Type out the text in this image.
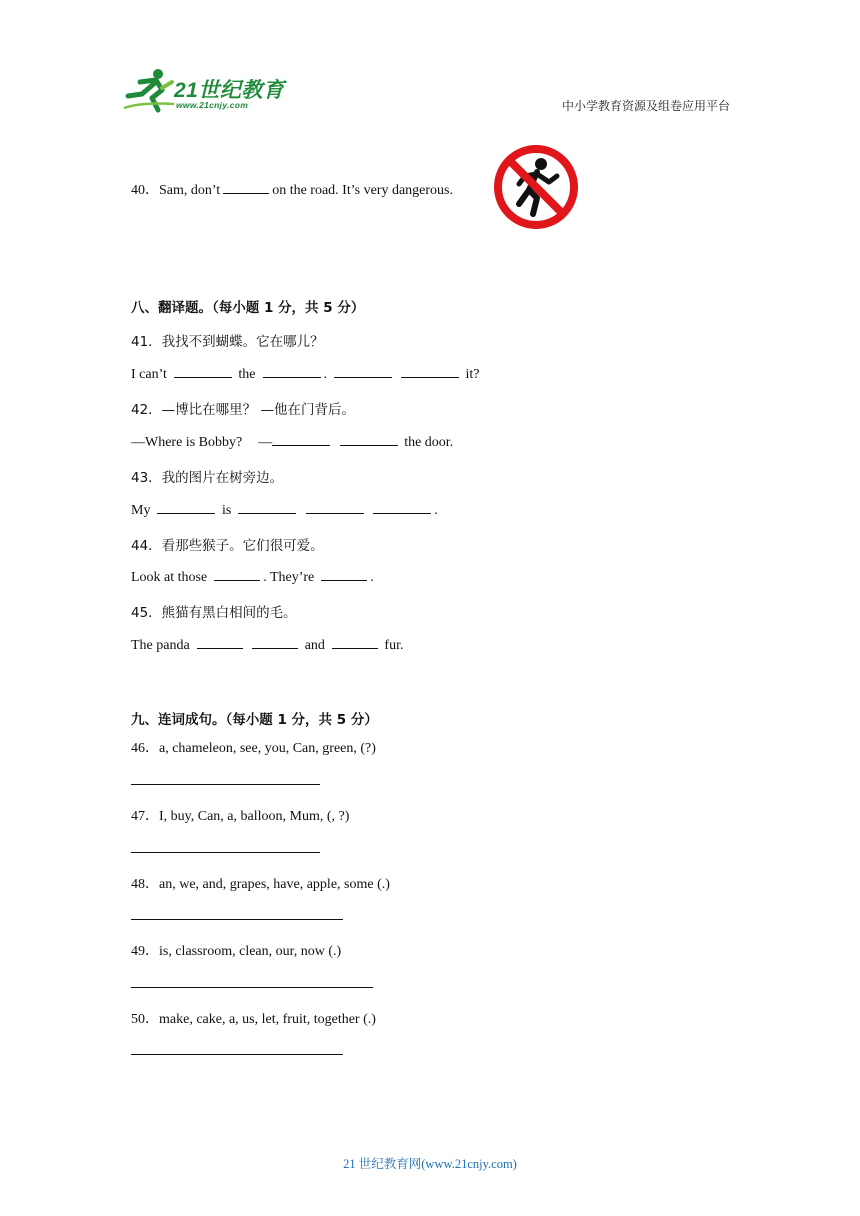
21世纪教育
www.21cnjy.com	中小学教育资源及组卷应用平台
40．Sam, don’t	on the road. It’s very dangerous.
八、翻译题。（每小题 1 分，共 5 分）
41．我找不到蝴蝶。它在哪儿？
I can’t	the	.	it?
42．—博比在哪里？ —他在门背后。
—Where is Bobby? —	the door.
43．我的图片在树旁边。
My	is	.
44．看那些猴子。它们很可爱。
Look at those	. They’re	.
45．熊猫有黑白相间的毛。
The panda	and	fur.
九、连词成句。（每小题 1 分，共 5 分）
46．a, chameleon, see, you, Can, green, (?)
47．I, buy, Can, a, balloon, Mum, (, ?)
48．an, we, and, grapes, have, apple, some (.)
49．is, classroom, clean, our, now (.)
50．make, cake, a, us, let, fruit, together (.)
21 世纪教育网(www.21cnjy.com)
